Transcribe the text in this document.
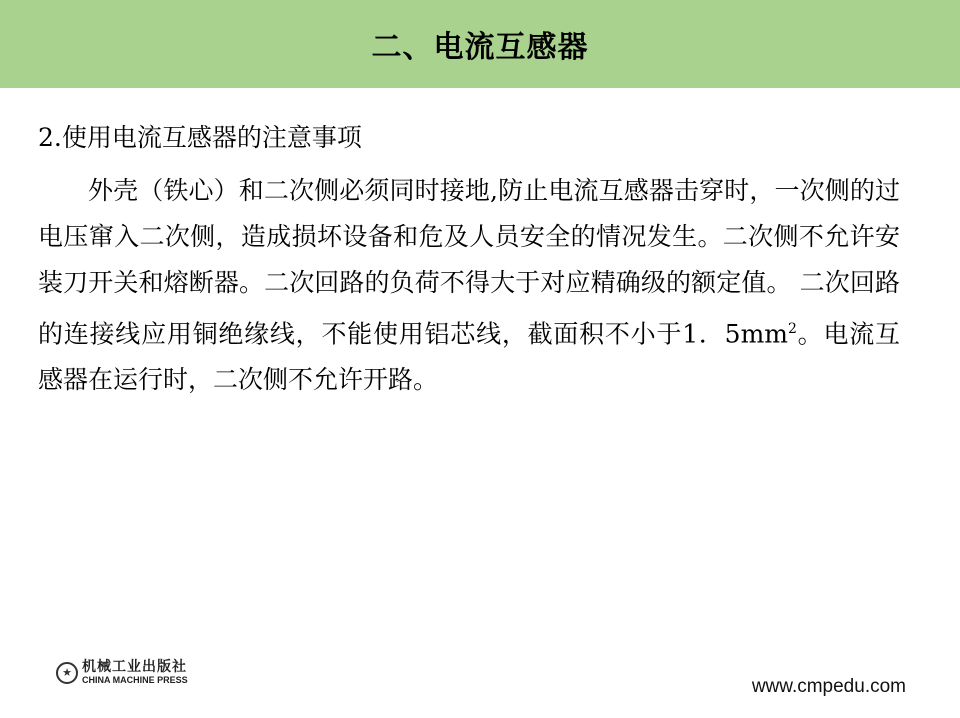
二、电流互感器

2.使用电流互感器的注意事项

外壳（铁心）和二次侧必须同时接地,防止电流互感器击穿时，一次侧的过电压窜入二次侧，造成损坏设备和危及人员安全的情况发生。二次侧不允许安装刀开关和熔断器。二次回路的负荷不得大于对应精确级的额定值。 二次回路的连接线应用铜绝缘线，不能使用铝芯线，截面积不小于1．$5mm^2$。电流互感器在运行时，二次侧不允许开路。

★ 机械工业出版社
CHINA MACHINE PRESS	www.cmpedu.com
